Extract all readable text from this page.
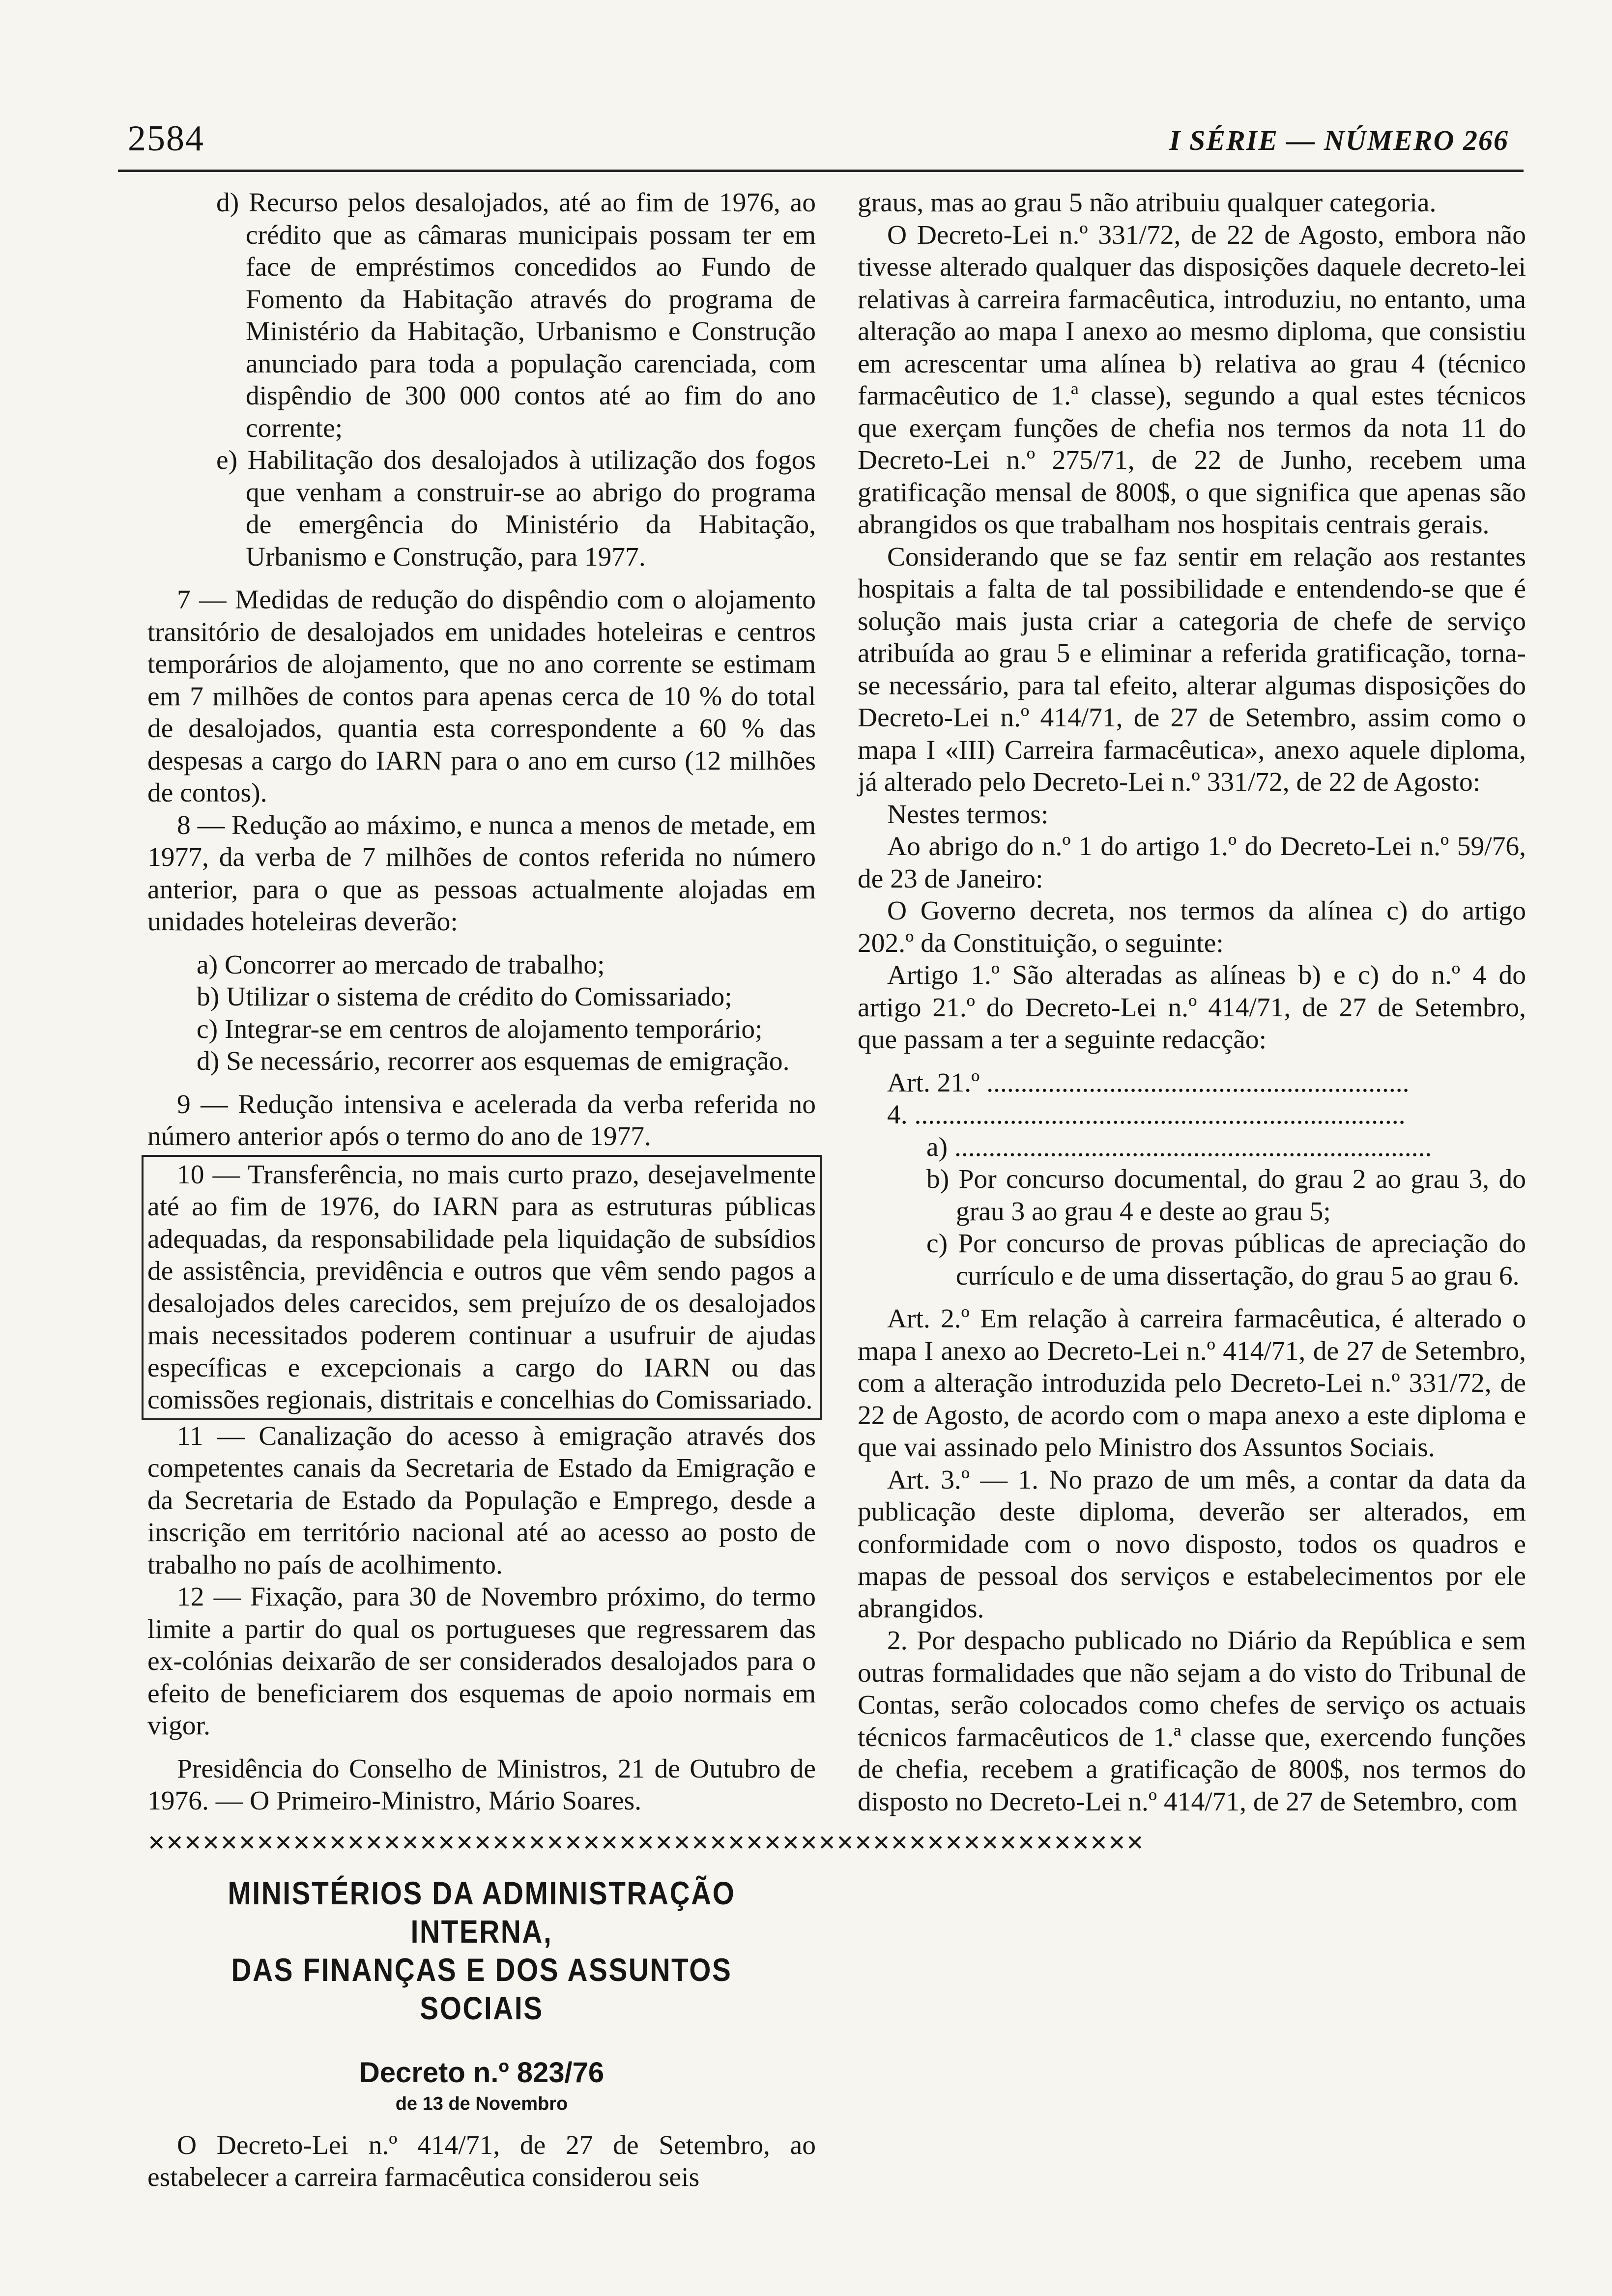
2584	I SÉRIE — NÚMERO 266

d) Recurso pelos desalojados, até ao fim de 1976, ao crédito que as câmaras municipais possam ter em face de empréstimos concedidos ao Fundo de Fomento da Habitação através do programa de Ministério da Habitação, Urbanismo e Construção anunciado para toda a população carenciada, com dispêndio de 300 000 contos até ao fim do ano corrente;

e) Habilitação dos desalojados à utilização dos fogos que venham a construir-se ao abrigo do programa de emergência do Ministério da Habitação, Urbanismo e Construção, para 1977.

7 — Medidas de redução do dispêndio com o alojamento transitório de desalojados em unidades hoteleiras e centros temporários de alojamento, que no ano corrente se estimam em 7 milhões de contos para apenas cerca de 10 % do total de desalojados, quantia esta correspondente a 60 % das despesas a cargo do IARN para o ano em curso (12 milhões de contos).

8 — Redução ao máximo, e nunca a menos de metade, em 1977, da verba de 7 milhões de contos referida no número anterior, para o que as pessoas actualmente alojadas em unidades hoteleiras deverão:

a) Concorrer ao mercado de trabalho;

b) Utilizar o sistema de crédito do Comissariado;

c) Integrar-se em centros de alojamento temporário;

d) Se necessário, recorrer aos esquemas de emigração.

9 — Redução intensiva e acelerada da verba referida no número anterior após o termo do ano de 1977.

10 — Transferência, no mais curto prazo, desejavelmente até ao fim de 1976, do IARN para as estruturas públicas adequadas, da responsabilidade pela liquidação de subsídios de assistência, previdência e outros que vêm sendo pagos a desalojados deles carecidos, sem prejuízo de os desalojados mais necessitados poderem continuar a usufruir de ajudas específicas e excepcionais a cargo do IARN ou das comissões regionais, distritais e concelhias do Comissariado.

11 — Canalização do acesso à emigração através dos competentes canais da Secretaria de Estado da Emigração e da Secretaria de Estado da População e Emprego, desde a inscrição em território nacional até ao acesso ao posto de trabalho no país de acolhimento.

12 — Fixação, para 30 de Novembro próximo, do termo limite a partir do qual os portugueses que regressarem das ex-colónias deixarão de ser considerados desalojados para o efeito de beneficiarem dos esquemas de apoio normais em vigor.

Presidência do Conselho de Ministros, 21 de Outubro de 1976. — O Primeiro-Ministro, Mário Soares.

✕✕✕✕✕✕✕✕✕✕✕✕✕✕✕✕✕✕✕✕✕✕✕✕✕✕✕✕✕✕✕✕✕✕✕✕✕✕✕✕✕✕✕✕✕✕✕✕✕✕✕✕✕✕✕
MINISTÉRIOS DA ADMINISTRAÇÃO INTERNA,
DAS FINANÇAS E DOS ASSUNTOS SOCIAIS
Decreto n.º 823/76
de 13 de Novembro

O Decreto-Lei n.º 414/71, de 27 de Setembro, ao estabelecer a carreira farmacêutica considerou seis

graus, mas ao grau 5 não atribuiu qualquer categoria.

O Decreto-Lei n.º 331/72, de 22 de Agosto, embora não tivesse alterado qualquer das disposições daquele decreto-lei relativas à carreira farmacêutica, introduziu, no entanto, uma alteração ao mapa I anexo ao mesmo diploma, que consistiu em acrescentar uma alínea b) relativa ao grau 4 (técnico farmacêutico de 1.ª classe), segundo a qual estes técnicos que exerçam funções de chefia nos termos da nota 11 do Decreto-Lei n.º 275/71, de 22 de Junho, recebem uma gratificação mensal de 800$, o que significa que apenas são abrangidos os que trabalham nos hospitais centrais gerais.

Considerando que se faz sentir em relação aos restantes hospitais a falta de tal possibilidade e entendendo-se que é solução mais justa criar a categoria de chefe de serviço atribuída ao grau 5 e eliminar a referida gratificação, torna-se necessário, para tal efeito, alterar algumas disposições do Decreto-Lei n.º 414/71, de 27 de Setembro, assim como o mapa I «III) Carreira farmacêutica», anexo aquele diploma, já alterado pelo Decreto-Lei n.º 331/72, de 22 de Agosto:

Nestes termos:

Ao abrigo do n.º 1 do artigo 1.º do Decreto-Lei n.º 59/76, de 23 de Janeiro:

O Governo decreta, nos termos da alínea c) do artigo 202.º da Constituição, o seguinte:

Artigo 1.º São alteradas as alíneas b) e c) do n.º 4 do artigo 21.º do Decreto-Lei n.º 414/71, de 27 de Setembro, que passam a ter a seguinte redacção:

Art. 21.º ..............................................................

4. ........................................................................

a) ......................................................................

b) Por concurso documental, do grau 2 ao grau 3, do grau 3 ao grau 4 e deste ao grau 5;

c) Por concurso de provas públicas de apreciação do currículo e de uma dissertação, do grau 5 ao grau 6.

Art. 2.º Em relação à carreira farmacêutica, é alterado o mapa I anexo ao Decreto-Lei n.º 414/71, de 27 de Setembro, com a alteração introduzida pelo Decreto-Lei n.º 331/72, de 22 de Agosto, de acordo com o mapa anexo a este diploma e que vai assinado pelo Ministro dos Assuntos Sociais.

Art. 3.º — 1. No prazo de um mês, a contar da data da publicação deste diploma, deverão ser alterados, em conformidade com o novo disposto, todos os quadros e mapas de pessoal dos serviços e estabelecimentos por ele abrangidos.

2. Por despacho publicado no Diário da República e sem outras formalidades que não sejam a do visto do Tribunal de Contas, serão colocados como chefes de serviço os actuais técnicos farmacêuticos de 1.ª classe que, exercendo funções de chefia, recebem a gratificação de 800$, nos termos do disposto no Decreto-Lei n.º 414/71, de 27 de Setembro, com
